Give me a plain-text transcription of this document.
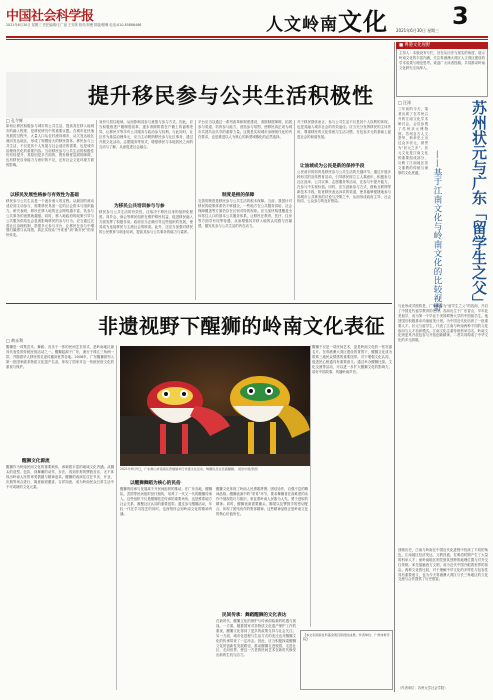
中国社会科学报
2021年6月30日 星期三 责任编辑/王广禄 王安琪 校对/刘俊 排版/程琳 电话:010-85886466	人文岭南文化	3
2021年6月30日 星期三
■ 粤港文化视野
主持人：本版设有专栏，旨在从历史与现实的角度，展示岭南文化的丰富内涵，关注粤港澳大湾区人文湾区建设的学术成果与理论思考。欢迎广大读者投稿，共同推动岭南文化研究走向深入。
提升移民参与公共生活积极性
□ 孔令辉
如何让移民积极参与城市的公共生活，提高其在移入地城市的融入程度，是移民研究中的重要议题。在城市化快速发展的过程中，大量人口从农村流向城市，从欠发达地区流向发达地区，形成了规模庞大的移民群体。移民参与公共生活，不仅是其个人发展与社会适应的需要，也是城市治理现代化的重要内容。当前移民参与公共生活的积极性仍有待提升，其原因是多方面的，既有制度层面的障碍，也有移民自身能力与意识的不足，还有社会文化环境方面的影响。
以移民发展性格参与有效性为基础
移民参与公共生活是一个逐步深入的过程。从最初的被动适应到主动参与，需要移民具备一定的社会资本与组织能力。研究表明，移民在移入地的社会网络越丰富，其参与公共事务的意愿就越强。同时，移入地政府的政策引导与公共服务供给也会显著影响移民的参与行为。应当通过完善社区治理机制，搭建多元参与平台，让移民在参与中增强归属感与认同感，真正实现从“外来者”到“新市民”的身份转变。
身份与居住地域，从而影响其参与意愿与参与方式。因此，应当积极推进户籍制度改革，逐步消除附着在户籍上的福利差异，让移民平等享有公共服务与政治参与权利。与此同时，社区作为基层治理单元，应当主动吸纳移民参与社区事务，通过开展文化活动、志愿服务等形式，增强移民与本地居民之间的互动与了解，从而促进社会融合。
为移民公共培训参与与参
移民参与公共生活的有效性，还取决于移民自身的组织化程度。同乡会、商会等移民组织在维护移民权益、促进移民融入方面发挥了积极作用。政府应当正确引导这些组织的发展，使其成为连接移民与主流社会的桥梁。此外，还应当加强对移民的公民教育与职业培训，提高其参与公共事务的能力与素养。
平台应当以通过一系列改革和制度建设，消除制度障碍，拓展参与渠道，培育参与能力，营造参与氛围，使移民真正成为城市共建共治共享的重要力量。这既是实现城市治理现代化的内在要求，也是推进以人为核心的新型城镇化的必然选择。
制度是根的保障
完善的制度是移民参与公共生活的根本保障。当前，我国针对移民的政策体系仍不够健全，一些地方在公共服务供给、社会保障覆盖等方面仍存在区别对待的现象。应当加快构建覆盖全体常住人口的基本公共服务体系，让移民在教育、医疗、住房等方面享有同等待遇，从而增强其对移入地的认同感与归属感，激发其参与公共生活的内在动力。
对于移民群体而言，参与公共生活不仅是其个人权利的体现，也是其融入城市社会的有效途径。应当充分发挥移民的主体作用，尊重移民的文化传统与生活习惯，在包容多元的基础上促进社会的和谐发展。
让油城成为公民是新的保持手段
公民意识的培育是移民参与公共生活的关键环节。通过开展多种形式的宣传教育活动，引导移民树立主人翁意识，积极参与社区选举、公共议事、志愿服务等活动，在参与中提升能力、在参与中实现价值。同时，应当创新参与方式，借助互联网等新技术手段，拓宽移民表达诉求的渠道，使其能够便捷地参与到城市公共事务的讨论与决策之中，从而形成政府主导、社会协同、公众参与的良好格局。	苏州状元与广东「留学生之父」
——基于江南文化与岭南文化的比较视野
□ 汪涛
三年前的今天，笔者出席了在苏州召开的江南文化学术研讨会，会后参观了苏州状元博物馆。苏州自古人文荟萃，科举史上出过众多状元，被誉为“状元之乡”。状元文化是江南文化的重要组成部分，反映了江南地区崇文重教的传统与深厚的文化底蕴。
与此形成对照的是，广东被称为“留学生之父”的容闳，开启了中国近代留学教育的先河。容闳出生于广东香山，早年赴美留学，成为第一个毕业于美国耶鲁大学的中国留学生。他回国后积极推动幼童留美计划，为中国近代化培养了一批重要人才。状元与留学生，代表了江南与岭南两种不同的文化取向与人才培养模式。江南文化注重传统科举功名，岭南文化则更具开放包容与开拓创新精神，二者共同构成了中华文化的多元面貌。
回顾历史，江南与岭南在中国近代化进程中扮演了不同的角色。江南地区经济发达、文教昌盛，在明清时期产生了大量的科举人才；而岭南地区则凭借其独特的地理位置与对外交往传统，率先接触西方文明，成为近代中国开眼看世界的前沿。两种文化的比较，对于理解中华文化的多样性与包容性具有重要意义，也为今天粤港澳大湾区与长三角地区的文化交流与合作提供了历史借鉴。
（作者单位：苏州大学社会学院）
非遗视野下醒狮的岭南文化表征
□ 黄永利
醒狮是一项集武术、舞蹈、音乐于一体的民间艺术形式，是岭南地区最具代表性的传统民俗活动之一。醒狮起源于广东，流行于珠江三角洲一带，并随着华人移民的足迹传播到世界各地。2006年，广东醒狮被列入第一批国家级非物质文化遗产名录，体现了国家对这一传统民俗文化的重视与保护。
醒狮文化源流
醒狮作为岭南民间文化的重要载体，承载着丰富的地域文化内涵。从狮头的造型、色彩，到舞狮的动作、步法，再到伴奏的锣鼓音乐，无不体现出岭南人民的审美情趣与精神追求。醒狮的表演往往在节庆、开业、庆典等场合进行，寓意驱邪避害、吉祥如意，成为岭南民众日常生活中不可或缺的文化元素。
2021年6月5日，广东佛山市南海区西樵镇举行非遗文化活动，舞狮队员在表演醒狮。 视觉中国/供图
以醒狮舞蹈为核心的民俗
醒狮的传承与发展离不开民间组织的推动。在广东各地，醒狮队、武馆等民间组织世代相传，培养了一代又一代的醒狮传承人。这些组织不仅是醒狮技艺传承的重要场所，也是维系地方社会关系、凝聚社区认同的重要纽带。通过参与醒狮活动，年轻一代在学习技艺的同时，也深刻体会到岭南文化的精神内涵。
醒狮文化体现了岭南人民勇敢拼搏、团结协作、自强不息的精神品格。醒狮表演中的“采青”环节，要求舞狮者在高难度的动作中展现技巧与胆识，象征着岭南人民敢为人先、勇于进取的精神。同时，醒狮表演需要狮头、狮尾以及锣鼓手的密切配合，体现了团结协作的集体精神。这些精神品格正是岭南文化的核心价值所在。
民间传承：舞蹈醒狮的文化表达
在新时代，醒狮文化的保护与传承面临新的机遇与挑战。一方面，随着国家对非物质文化遗产保护工作的重视，醒狮文化得到了更多的政策支持与社会关注；另一方面，城市化进程与生活方式的变迁也对醒狮文化的传承带来了一定冲击。因此，应当积极探索醒狮文化的创新性发展路径，推动醒狮走进校园、走进社区、走向世界，使这一古老的民间艺术在新时代焕发出新的生机与活力。
醒狮不仅是一项民间艺术，更是岭南文化的一张亮丽名片。在粤港澳大湾区建设的背景下，醒狮文化成为联系三地民众情感的重要纽带，对于增强文化认同、促进民心相通具有重要意义。通过举办醒狮比赛、文化交流等活动，可以进一步扩大醒狮文化的影响力，讲好中国故事，传播岭南声音。
【本文系国家社科基金项目阶段性成果；作者单位：广州体育学院】
